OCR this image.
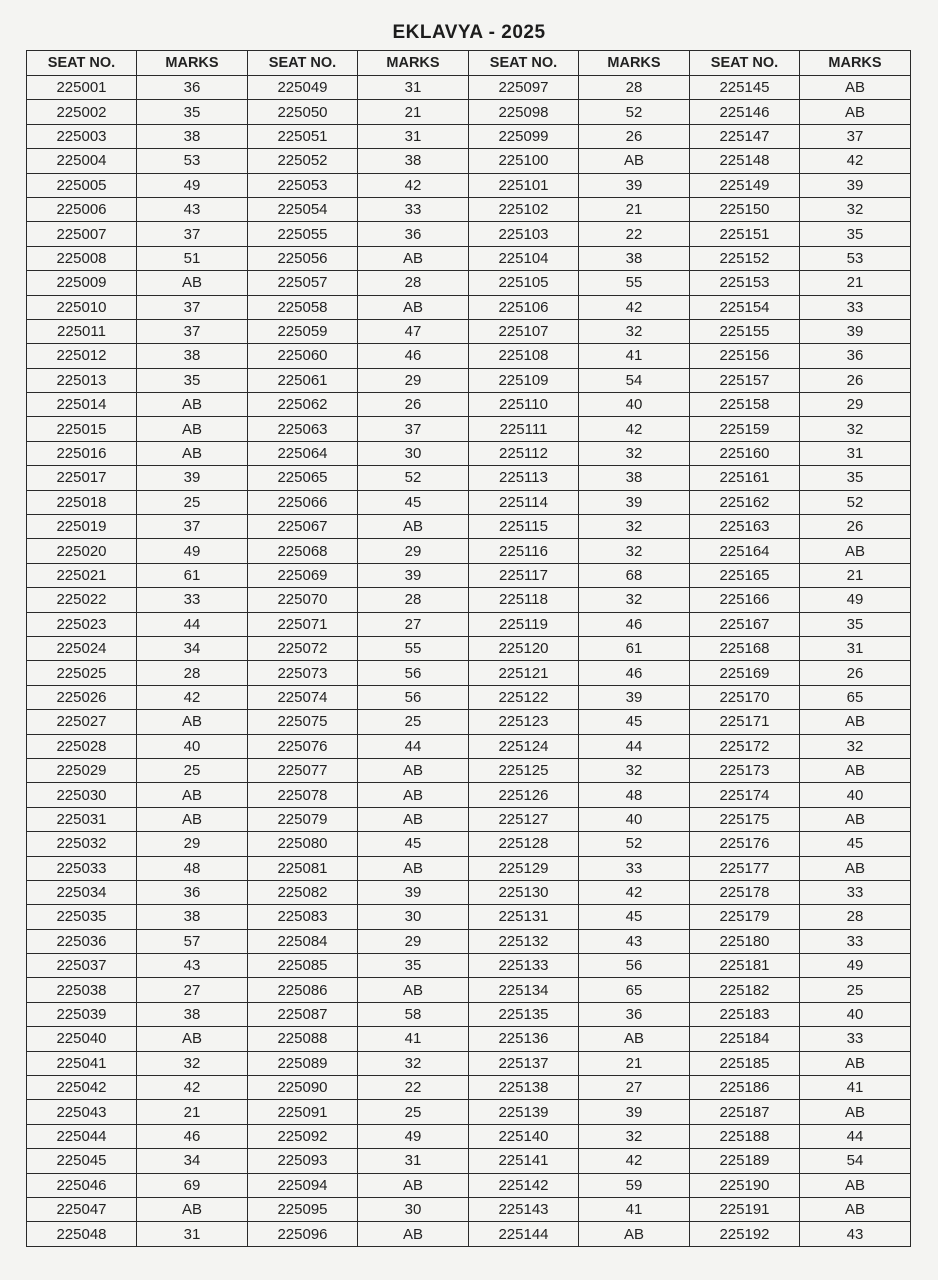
EKLAVYA - 2025
SEAT NO.	MARKS	SEAT NO.	MARKS	SEAT NO.	MARKS	SEAT NO.	MARKS
225001	36	225049	31	225097	28	225145	AB
225002	35	225050	21	225098	52	225146	AB
225003	38	225051	31	225099	26	225147	37
225004	53	225052	38	225100	AB	225148	42
225005	49	225053	42	225101	39	225149	39
225006	43	225054	33	225102	21	225150	32
225007	37	225055	36	225103	22	225151	35
225008	51	225056	AB	225104	38	225152	53
225009	AB	225057	28	225105	55	225153	21
225010	37	225058	AB	225106	42	225154	33
225011	37	225059	47	225107	32	225155	39
225012	38	225060	46	225108	41	225156	36
225013	35	225061	29	225109	54	225157	26
225014	AB	225062	26	225110	40	225158	29
225015	AB	225063	37	225111	42	225159	32
225016	AB	225064	30	225112	32	225160	31
225017	39	225065	52	225113	38	225161	35
225018	25	225066	45	225114	39	225162	52
225019	37	225067	AB	225115	32	225163	26
225020	49	225068	29	225116	32	225164	AB
225021	61	225069	39	225117	68	225165	21
225022	33	225070	28	225118	32	225166	49
225023	44	225071	27	225119	46	225167	35
225024	34	225072	55	225120	61	225168	31
225025	28	225073	56	225121	46	225169	26
225026	42	225074	56	225122	39	225170	65
225027	AB	225075	25	225123	45	225171	AB
225028	40	225076	44	225124	44	225172	32
225029	25	225077	AB	225125	32	225173	AB
225030	AB	225078	AB	225126	48	225174	40
225031	AB	225079	AB	225127	40	225175	AB
225032	29	225080	45	225128	52	225176	45
225033	48	225081	AB	225129	33	225177	AB
225034	36	225082	39	225130	42	225178	33
225035	38	225083	30	225131	45	225179	28
225036	57	225084	29	225132	43	225180	33
225037	43	225085	35	225133	56	225181	49
225038	27	225086	AB	225134	65	225182	25
225039	38	225087	58	225135	36	225183	40
225040	AB	225088	41	225136	AB	225184	33
225041	32	225089	32	225137	21	225185	AB
225042	42	225090	22	225138	27	225186	41
225043	21	225091	25	225139	39	225187	AB
225044	46	225092	49	225140	32	225188	44
225045	34	225093	31	225141	42	225189	54
225046	69	225094	AB	225142	59	225190	AB
225047	AB	225095	30	225143	41	225191	AB
225048	31	225096	AB	225144	AB	225192	43
